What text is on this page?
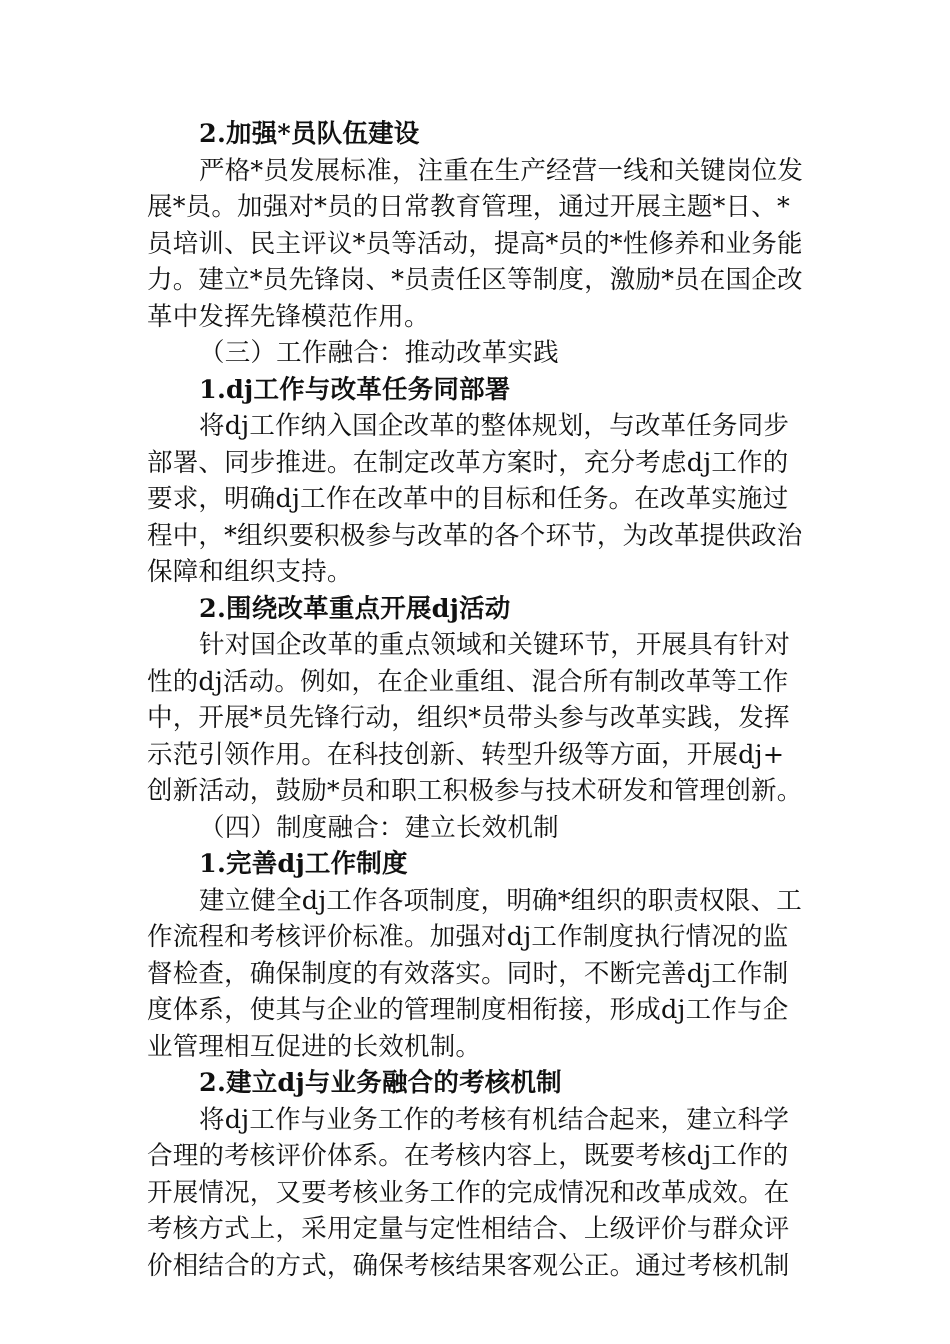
2.加强*员队伍建设
严格*员发展标准，注重在生产经营一线和关键岗位发
展*员。加强对*员的日常教育管理，通过开展主题*日、*
员培训、民主评议*员等活动，提高*员的*性修养和业务能
力。建立*员先锋岗、*员责任区等制度，激励*员在国企改
革中发挥先锋模范作用。
（三）工作融合：推动改革实践
1.dj工作与改革任务同部署
将dj工作纳入国企改革的整体规划，与改革任务同步
部署、同步推进。在制定改革方案时，充分考虑dj工作的
要求，明确dj工作在改革中的目标和任务。在改革实施过
程中，*组织要积极参与改革的各个环节，为改革提供政治
保障和组织支持。
2.围绕改革重点开展dj活动
针对国企改革的重点领域和关键环节，开展具有针对
性的dj活动。例如，在企业重组、混合所有制改革等工作
中，开展*员先锋行动，组织*员带头参与改革实践，发挥
示范引领作用。在科技创新、转型升级等方面，开展dj+
创新活动，鼓励*员和职工积极参与技术研发和管理创新。
（四）制度融合：建立长效机制
1.完善dj工作制度
建立健全dj工作各项制度，明确*组织的职责权限、工
作流程和考核评价标准。加强对dj工作制度执行情况的监
督检查，确保制度的有效落实。同时，不断完善dj工作制
度体系，使其与企业的管理制度相衔接，形成dj工作与企
业管理相互促进的长效机制。
2.建立dj与业务融合的考核机制
将dj工作与业务工作的考核有机结合起来，建立科学
合理的考核评价体系。在考核内容上，既要考核dj工作的
开展情况，又要考核业务工作的完成情况和改革成效。在
考核方式上，采用定量与定性相结合、上级评价与群众评
价相结合的方式，确保考核结果客观公正。通过考核机制
